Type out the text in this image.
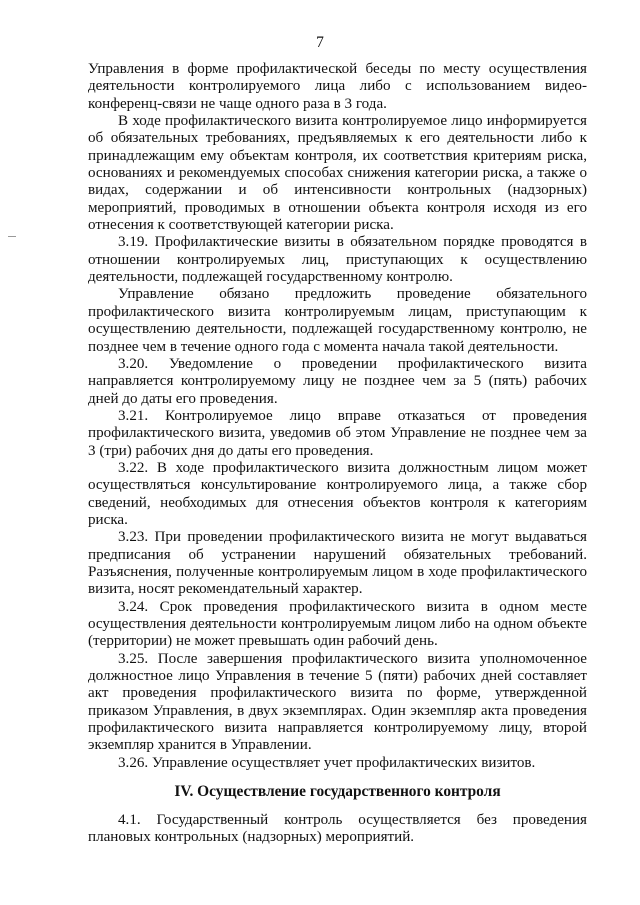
7

Управления в форме профилактической беседы по месту осуществления деятельности контролируемого лица либо с использованием видео-конференц-связи не чаще одного раза в 3 года.

В ходе профилактического визита контролируемое лицо информируется об обязательных требованиях, предъявляемых к его деятельности либо к принадлежащим ему объектам контроля, их соответствия критериям риска, основаниях и рекомендуемых способах снижения категории риска, а также о видах, содержании и об интенсивности контрольных (надзорных) мероприятий, проводимых в отношении объекта контроля исходя из его отнесения к соответствующей категории риска.

3.19. Профилактические визиты в обязательном порядке проводятся в отношении контролируемых лиц, приступающих к осуществлению деятельности, подлежащей государственному контролю.

Управление обязано предложить проведение обязательного профилактического визита контролируемым лицам, приступающим к осуществлению деятельности, подлежащей государственному контролю, не позднее чем в течение одного года с момента начала такой деятельности.

3.20. Уведомление о проведении профилактического визита направляется контролируемому лицу не позднее чем за 5 (пять) рабочих дней до даты его проведения.

3.21. Контролируемое лицо вправе отказаться от проведения профилактического визита, уведомив об этом Управление не позднее чем за 3 (три) рабочих дня до даты его проведения.

3.22. В ходе профилактического визита должностным лицом может осуществляться консультирование контролируемого лица, а также сбор сведений, необходимых для отнесения объектов контроля к категориям риска.

3.23. При проведении профилактического визита не могут выдаваться предписания об устранении нарушений обязательных требований. Разъяснения, полученные контролируемым лицом в ходе профилактического визита, носят рекомендательный характер.

3.24. Срок проведения профилактического визита в одном месте осуществления деятельности контролируемым лицом либо на одном объекте (территории) не может превышать один рабочий день.

3.25. После завершения профилактического визита уполномоченное должностное лицо Управления в течение 5 (пяти) рабочих дней составляет акт проведения профилактического визита по форме, утвержденной приказом Управления, в двух экземплярах. Один экземпляр акта проведения профилактического визита направляется контролируемому лицу, второй экземпляр хранится в Управлении.

3.26. Управление осуществляет учет профилактических визитов.

IV. Осуществление государственного контроля

4.1. Государственный контроль осуществляется без проведения плановых контрольных (надзорных) мероприятий.
